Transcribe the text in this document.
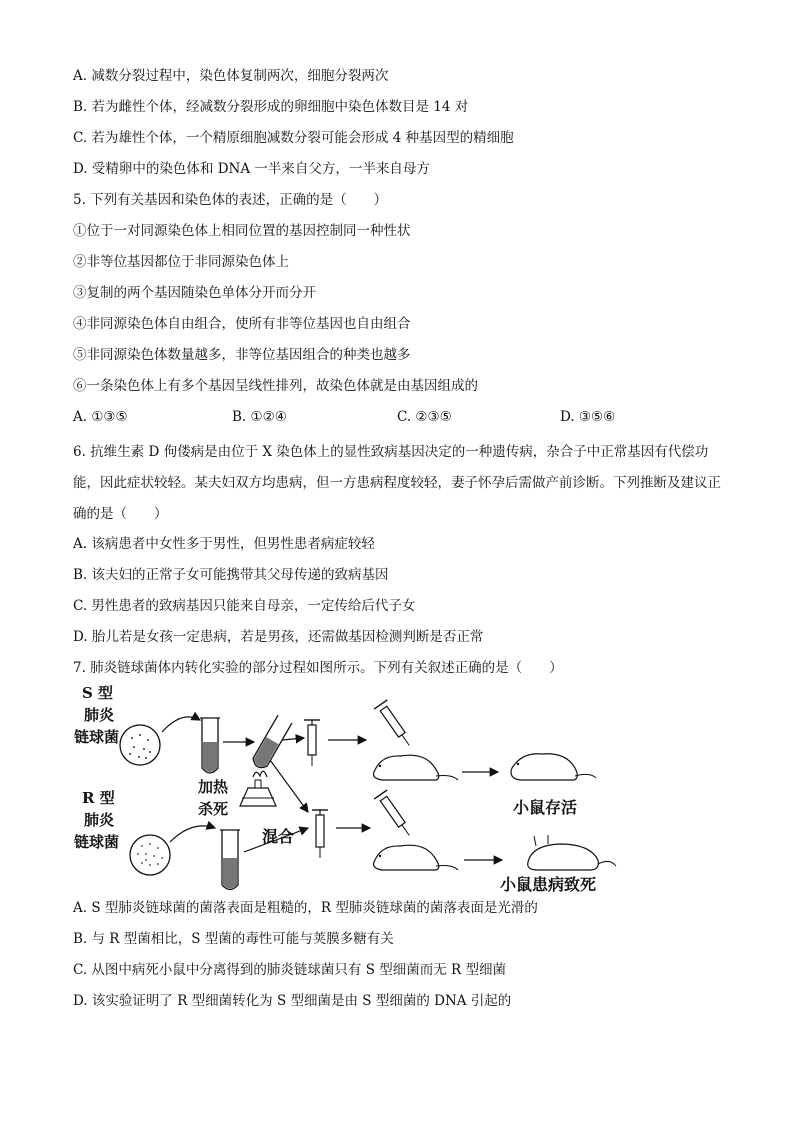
A. 减数分裂过程中，染色体复制两次，细胞分裂两次
B. 若为雌性个体，经减数分裂形成的卵细胞中染色体数目是 14 对
C. 若为雄性个体，一个精原细胞减数分裂可能会形成 4 种基因型的精细胞
D. 受精卵中的染色体和 DNA 一半来自父方，一半来自母方
5. 下列有关基因和染色体的表述，正确的是（　　）
①位于一对同源染色体上相同位置的基因控制同一种性状
②非等位基因都位于非同源染色体上
③复制的两个基因随染色单体分开而分开
④非同源染色体自由组合，使所有非等位基因也自由组合
⑤非同源染色体数量越多，非等位基因组合的种类也越多
⑥一条染色体上有多个基因呈线性排列，故染色体就是由基因组成的
A. ①③⑤	B. ①②④	C. ②③⑤	D. ③⑤⑥
6. 抗维生素 D 佝偻病是由位于 X 染色体上的显性致病基因决定的一种遗传病，杂合子中正常基因有代偿功能，因此症状较轻。某夫妇双方均患病，但一方患病程度较轻，妻子怀孕后需做产前诊断。下列推断及建议正确的是（　　）
A. 该病患者中女性多于男性，但男性患者病症较轻
B. 该夫妇的正常子女可能携带其父母传递的致病基因
C. 男性患者的致病基因只能来自母亲，一定传给后代子女
D. 胎儿若是女孩一定患病，若是男孩，还需做基因检测判断是否正常
7. 肺炎链球菌体内转化实验的部分过程如图所示。下列有关叙述正确的是（　　）
S 型
肺炎
链球菌
加热
杀死	小鼠存活
R 型
肺炎
链球菌	混合
小鼠患病致死
A. S 型肺炎链球菌的菌落表面是粗糙的，R 型肺炎链球菌的菌落表面是光滑的
B. 与 R 型菌相比，S 型菌的毒性可能与荚膜多糖有关
C. 从图中病死小鼠中分离得到的肺炎链球菌只有 S 型细菌而无 R 型细菌
D. 该实验证明了 R 型细菌转化为 S 型细菌是由 S 型细菌的 DNA 引起的
